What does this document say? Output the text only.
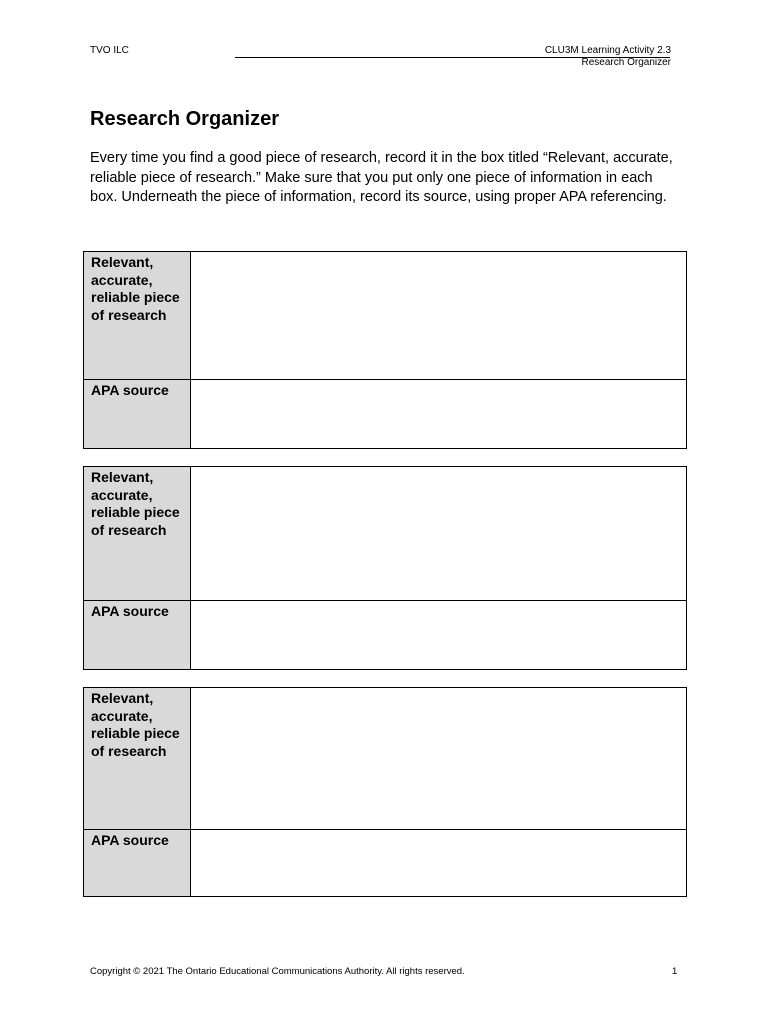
TVO ILC	CLU3M Learning Activity 2.3
Research Organizer
Research Organizer

Every time you find a good piece of research, record it in the box titled “Relevant, accurate, reliable piece of research.” Make sure that you put only one piece of information in each box. Underneath the piece of information, record its source, using proper APA referencing.

Relevant, accurate, reliable piece of research	
APA source	
Relevant, accurate, reliable piece of research	
APA source	
Relevant, accurate, reliable piece of research	
APA source	
Copyright © 2021 The Ontario Educational Communications Authority. All rights reserved.	1
